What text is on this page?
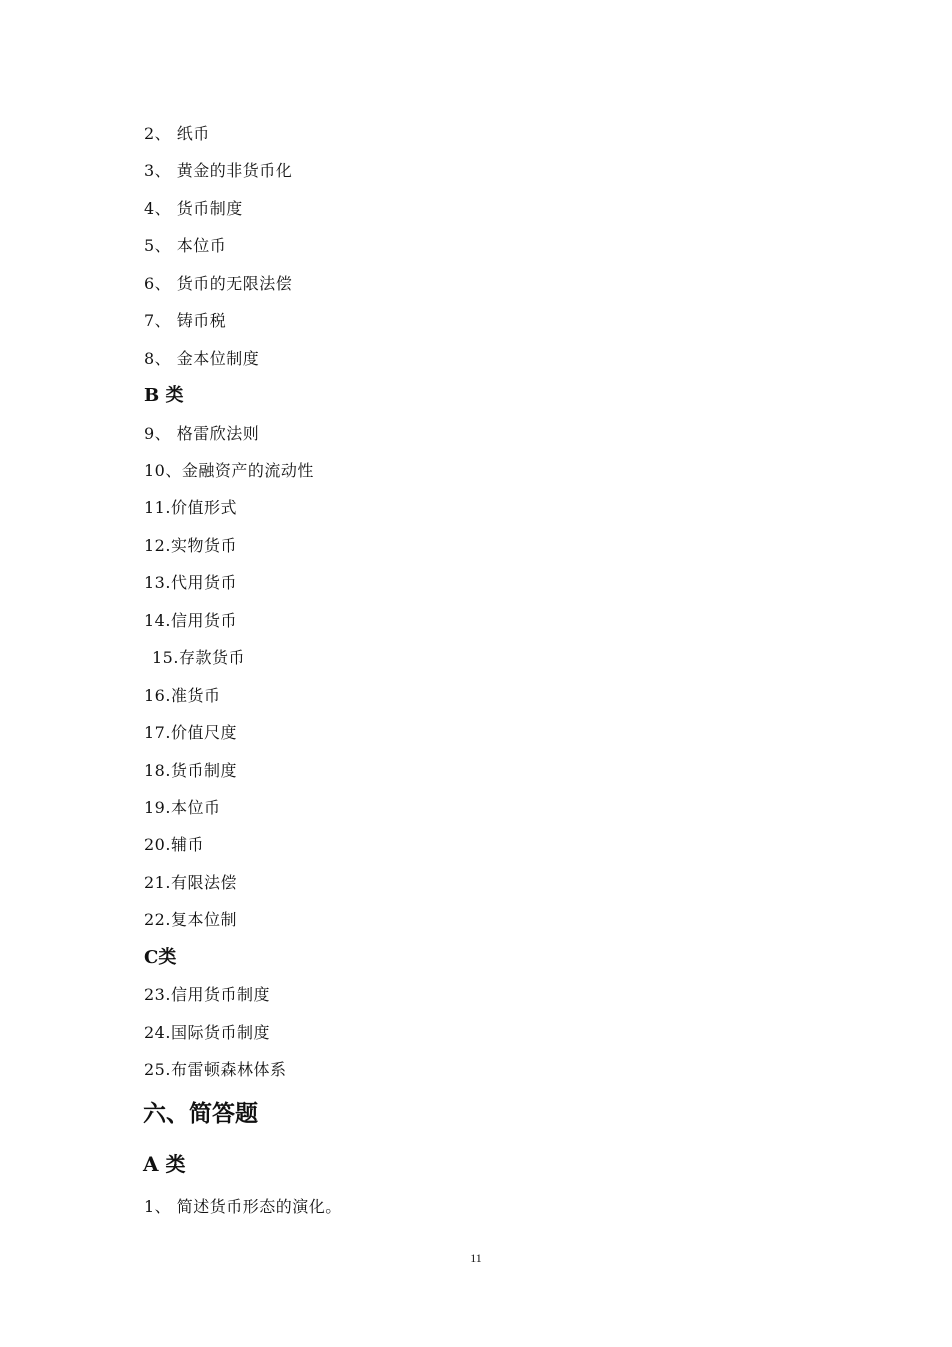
2、 纸币
3、 黄金的非货币化
4、 货币制度
5、 本位币
6、 货币的无限法偿
7、 铸币税
8、 金本位制度
B 类
9、 格雷欣法则
10、金融资产的流动性
11.价值形式
12.实物货币
13.代用货币
14.信用货币
15.存款货币
16.准货币
17.价值尺度
18.货币制度
19.本位币
20.辅币
21.有限法偿
22.复本位制
C类
23.信用货币制度
24.国际货币制度
25.布雷顿森林体系
六、简答题
A 类
1、 简述货币形态的演化。
11
